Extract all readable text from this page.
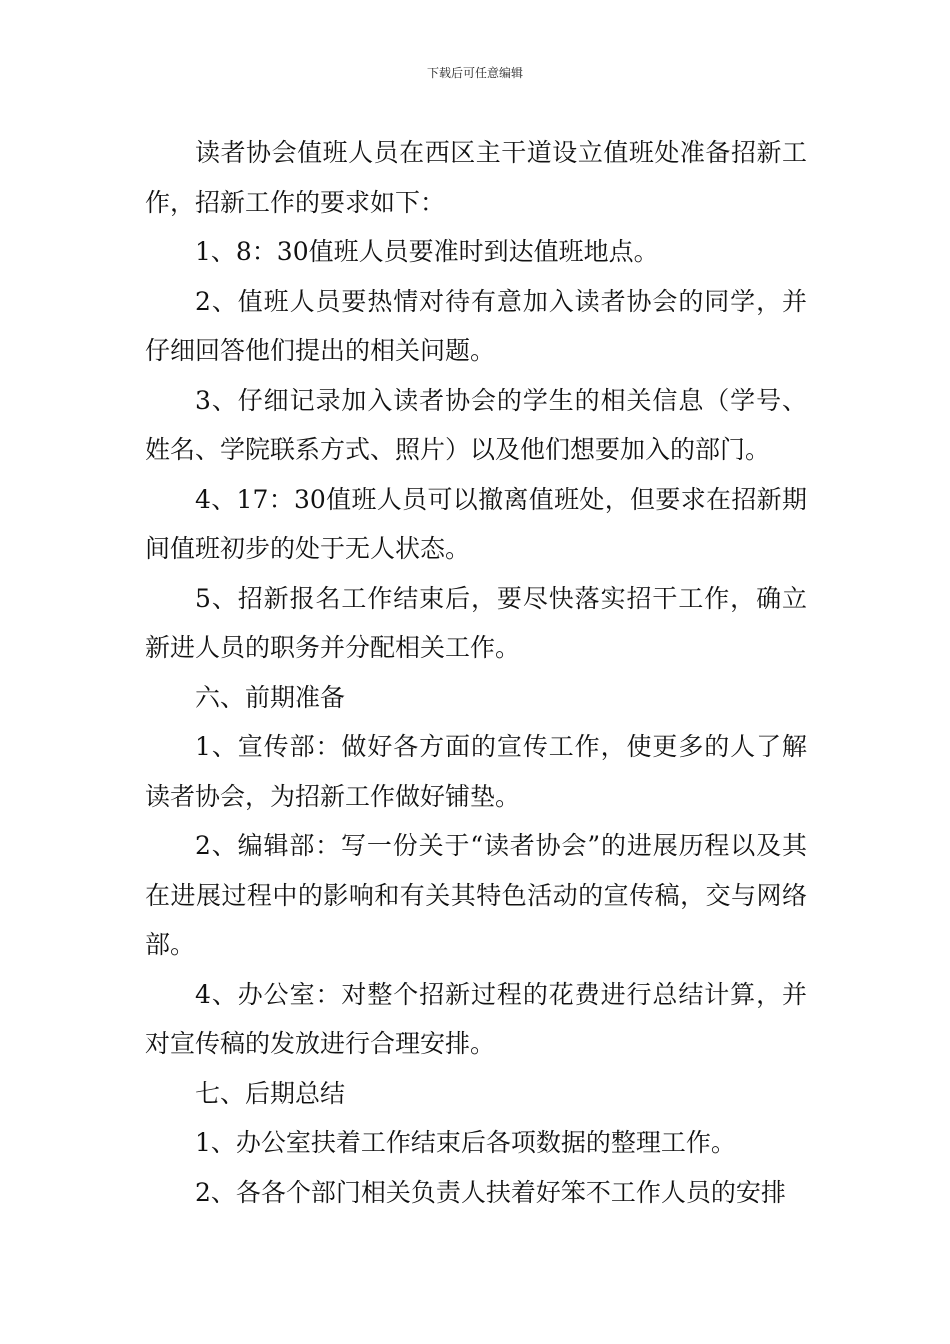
下载后可任意编辑

读者协会值班人员在西区主干道设立值班处准备招新工作，招新工作的要求如下：

1、8：30值班人员要准时到达值班地点。

2、值班人员要热情对待有意加入读者协会的同学，并仔细回答他们提出的相关问题。

3、仔细记录加入读者协会的学生的相关信息（学号、姓名、学院联系方式、照片）以及他们想要加入的部门。

4、17：30值班人员可以撤离值班处，但要求在招新期间值班初步的处于无人状态。

5、招新报名工作结束后，要尽快落实招干工作，确立新进人员的职务并分配相关工作。

六、前期准备

1、宣传部：做好各方面的宣传工作，使更多的人了解读者协会，为招新工作做好铺垫。

2、编辑部：写一份关于“读者协会”的进展历程以及其在进展过程中的影响和有关其特色活动的宣传稿，交与网络部。

4、办公室：对整个招新过程的花费进行总结计算，并对宣传稿的发放进行合理安排。

七、后期总结

1、办公室扶着工作结束后各项数据的整理工作。

2、各各个部门相关负责人扶着好笨不工作人员的安排
